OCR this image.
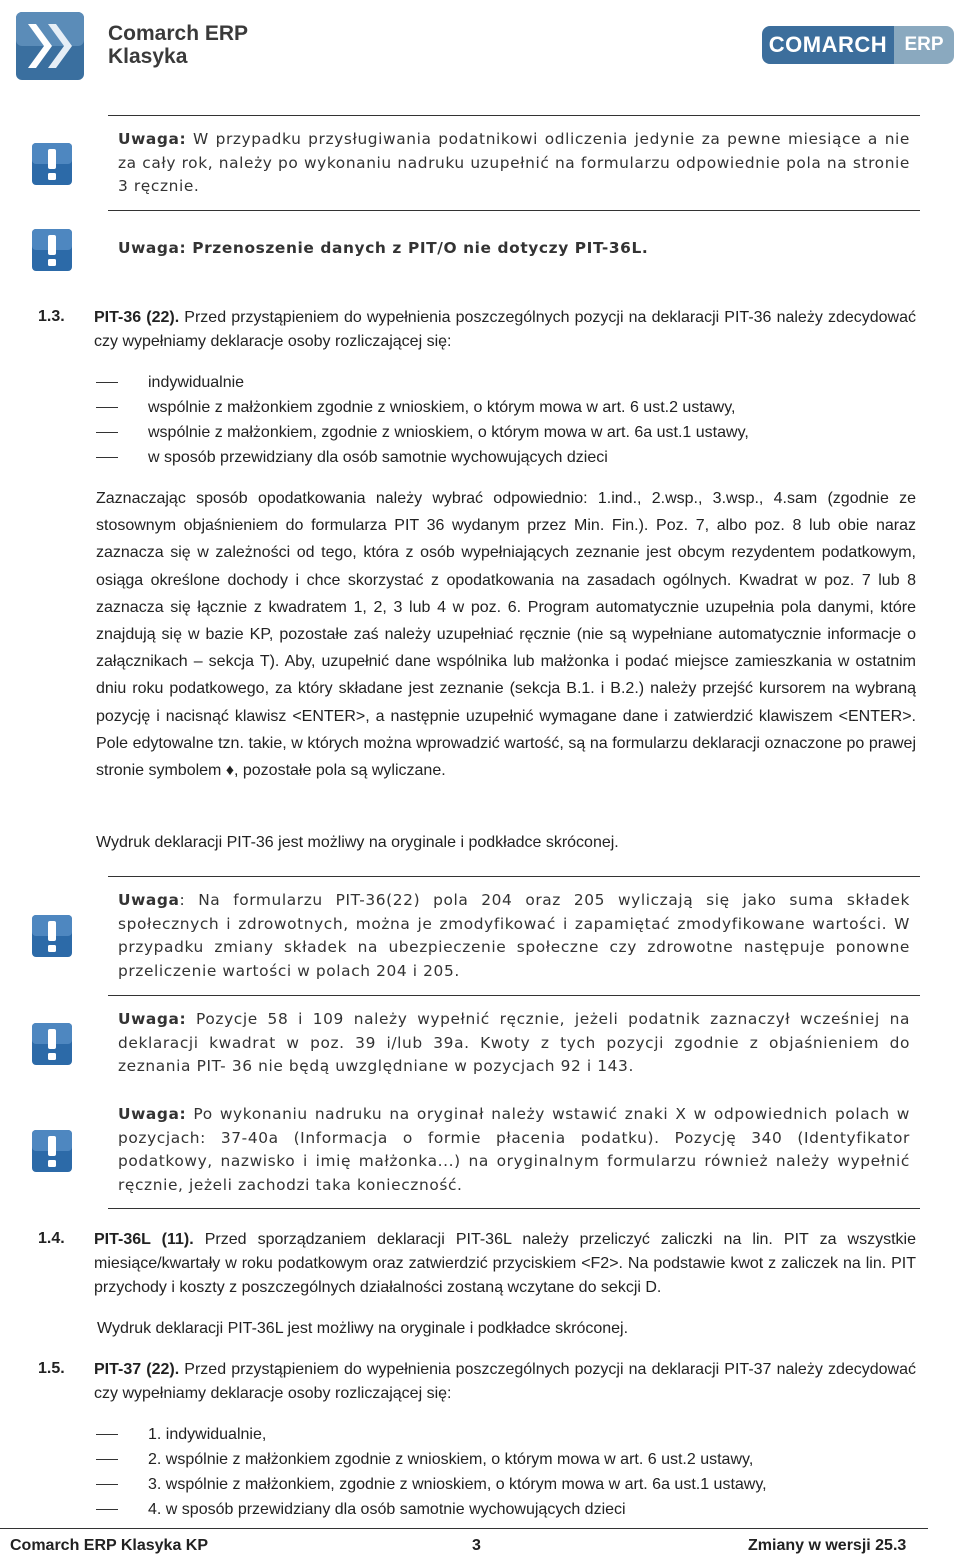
Comarch ERP
Klasyka	COMARCH ERP
Uwaga: W przypadku przysługiwania podatnikowi odliczenia jedynie za pewne miesiące a nie za cały rok, należy po wykonaniu nadruku uzupełnić na formularzu odpowiednie pola na stronie 3 ręcznie.
Uwaga: Przenoszenie danych z PIT/O nie dotyczy PIT-36L.
1.3. PIT-36 (22). Przed przystąpieniem do wypełnienia poszczególnych pozycji na deklaracji PIT-36 należy zdecydować czy wypełniamy deklaracje osoby rozliczającej się:
indywidualnie
wspólnie z małżonkiem zgodnie z wnioskiem, o którym mowa w art. 6 ust.2 ustawy,
wspólnie z małżonkiem, zgodnie z wnioskiem, o którym mowa w art. 6a ust.1 ustawy,
w sposób przewidziany dla osób samotnie wychowujących dzieci
Zaznaczając sposób opodatkowania należy wybrać odpowiednio: 1.ind., 2.wsp., 3.wsp., 4.sam (zgodnie ze stosownym objaśnieniem do formularza PIT 36 wydanym przez Min. Fin.). Poz. 7, albo poz. 8 lub obie naraz zaznacza się w zależności od tego, która z osób wypełniających zeznanie jest obcym rezydentem podatkowym, osiąga określone dochody i chce skorzystać z opodatkowania na zasadach ogólnych. Kwadrat w poz. 7 lub 8 zaznacza się łącznie z kwadratem 1, 2, 3 lub 4 w poz. 6. Program automatycznie uzupełnia pola danymi, które znajdują się w bazie KP, pozostałe zaś należy uzupełniać ręcznie (nie są wypełniane automatycznie informacje o załącznikach – sekcja T). Aby, uzupełnić dane wspólnika lub małżonka i podać miejsce zamieszkania w ostatnim dniu roku podatkowego, za który składane jest zeznanie (sekcja B.1. i B.2.) należy przejść kursorem na wybraną pozycję i nacisnąć klawisz <ENTER>, a następnie uzupełnić wymagane dane i zatwierdzić klawiszem <ENTER>. Pole edytowalne tzn. takie, w których można wprowadzić wartość, są na formularzu deklaracji oznaczone po prawej stronie symbolem ♦, pozostałe pola są wyliczane.
Wydruk deklaracji PIT-36 jest możliwy na oryginale i podkładce skróconej.
Uwaga: Na formularzu PIT-36(22) pola 204 oraz 205 wyliczają się jako suma składek społecznych i zdrowotnych, można je zmodyfikować i zapamiętać zmodyfikowane wartości. W przypadku zmiany składek na ubezpieczenie społeczne czy zdrowotne następuje ponowne przeliczenie wartości w polach 204 i 205.
Uwaga: Pozycje 58 i 109 należy wypełnić ręcznie, jeżeli podatnik zaznaczył wcześniej na deklaracji kwadrat w poz. 39 i/lub 39a. Kwoty z tych pozycji zgodnie z objaśnieniem do zeznania PIT- 36 nie będą uwzględniane w pozycjach 92 i 143.
Uwaga: Po wykonaniu nadruku na oryginał należy wstawić znaki X w odpowiednich polach w pozycjach: 37-40a (Informacja o formie płacenia podatku). Pozycję 340 (Identyfikator podatkowy, nazwisko i imię małżonka...) na oryginalnym formularzu również należy wypełnić ręcznie, jeżeli zachodzi taka konieczność.
1.4. PIT-36L (11). Przed sporządzaniem deklaracji PIT-36L należy przeliczyć zaliczki na lin. PIT za wszystkie miesiące/kwartały w roku podatkowym oraz zatwierdzić przyciskiem <F2>. Na podstawie kwot z zaliczek na lin. PIT przychody i koszty z poszczególnych działalności zostaną wczytane do sekcji D.
Wydruk deklaracji PIT-36L jest możliwy na oryginale i podkładce skróconej.
1.5. PIT-37 (22). Przed przystąpieniem do wypełnienia poszczególnych pozycji na deklaracji PIT-37 należy zdecydować czy wypełniamy deklaracje osoby rozliczającej się:
1. indywidualnie,
2. wspólnie z małżonkiem zgodnie z wnioskiem, o którym mowa w art. 6 ust.2 ustawy,
3. wspólnie z małżonkiem, zgodnie z wnioskiem, o którym mowa w art. 6a ust.1 ustawy,
4. w sposób przewidziany dla osób samotnie wychowujących dzieci
Comarch ERP Klasyka KP	3	Zmiany w wersji 25.3
